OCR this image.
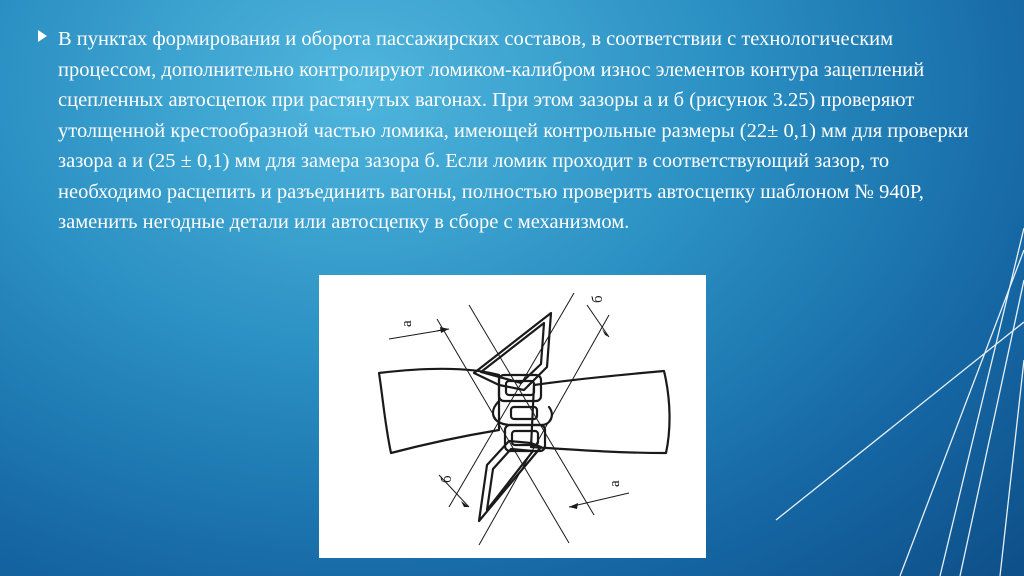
В пунктах формирования и оборота пассажирских составов, в соответствии с технологическим процессом, дополнительно контролируют ломиком-калибром износ элементов контура зацеплений сцепленных автосцепок при растянутых вагонах. При этом зазоры а и б (рисунок 3.25) проверяют утолщенной крестообразной частью ломика, имеющей контрольные размеры (22± 0,1) мм для проверки зазора а и (25 ± 0,1) мм для замера зазора б. Если ломик проходит в соответствующий зазор, то необходимо расцепить и разъединить вагоны, полностью проверить автосцепку шаблоном № 940Р, заменить негодные детали или автосцепку в сборе с механизмом.

a
б
б
a
